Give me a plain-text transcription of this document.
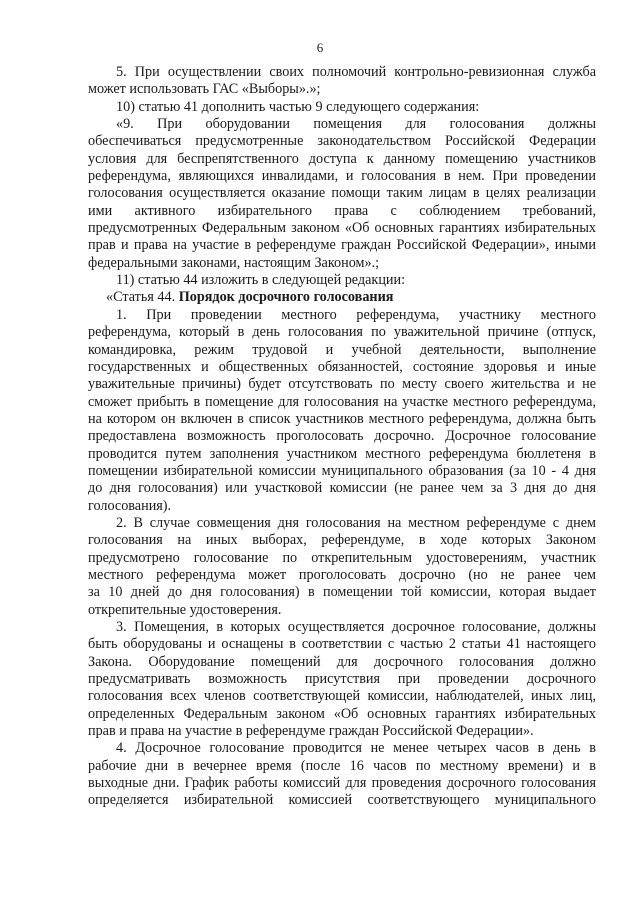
6
5. При осуществлении своих полномочий контрольно-ревизионная служба
может использовать ГАС «Выборы».»;
10) статью 41 дополнить частью 9 следующего содержания:
«9. При оборудовании помещения для голосования должны
обеспечиваться предусмотренные законодательством Российской Федерации
условия для беспрепятственного доступа к данному помещению участников
референдума, являющихся инвалидами, и голосования в нем. При проведении
голосования осуществляется оказание помощи таким лицам в целях реализации
ими активного избирательного права с соблюдением требований,
предусмотренных Федеральным законом «Об основных гарантиях избирательных
прав и права на участие в референдуме граждан Российской Федерации», иными
федеральными законами, настоящим Законом».;
11) статью 44 изложить в следующей редакции:
«Статья 44. Порядок досрочного голосования
1. При проведении местного референдума, участнику местного
референдума, который в день голосования по уважительной причине (отпуск,
командировка, режим трудовой и учебной деятельности, выполнение
государственных и общественных обязанностей, состояние здоровья и иные
уважительные причины) будет отсутствовать по месту своего жительства и не
сможет прибыть в помещение для голосования на участке местного референдума,
на котором он включен в список участников местного референдума, должна быть
предоставлена возможность проголосовать досрочно. Досрочное голосование
проводится путем заполнения участником местного референдума бюллетеня в
помещении избирательной комиссии муниципального образования (за 10 - 4 дня
до дня голосования) или участковой комиссии (не ранее чем за 3 дня до дня
голосования).
2. В случае совмещения дня голосования на местном референдуме с днем
голосования на иных выборах, референдуме, в ходе которых Законом
предусмотрено голосование по открепительным удостоверениям, участник
местного референдума может проголосовать досрочно (но не ранее чем
за 10 дней до дня голосования) в помещении той комиссии, которая выдает
открепительные удостоверения.
3. Помещения, в которых осуществляется досрочное голосование, должны
быть оборудованы и оснащены в соответствии с частью 2 статьи 41 настоящего
Закона. Оборудование помещений для досрочного голосования должно
предусматривать возможность присутствия при проведении досрочного
голосования всех членов соответствующей комиссии, наблюдателей, иных лиц,
определенных Федеральным законом «Об основных гарантиях избирательных
прав и права на участие в референдуме граждан Российской Федерации».
4. Досрочное голосование проводится не менее четырех часов в день в
рабочие дни в вечернее время (после 16 часов по местному времени) и в
выходные дни. График работы комиссий для проведения досрочного голосования
определяется избирательной комиссией соответствующего муниципального
